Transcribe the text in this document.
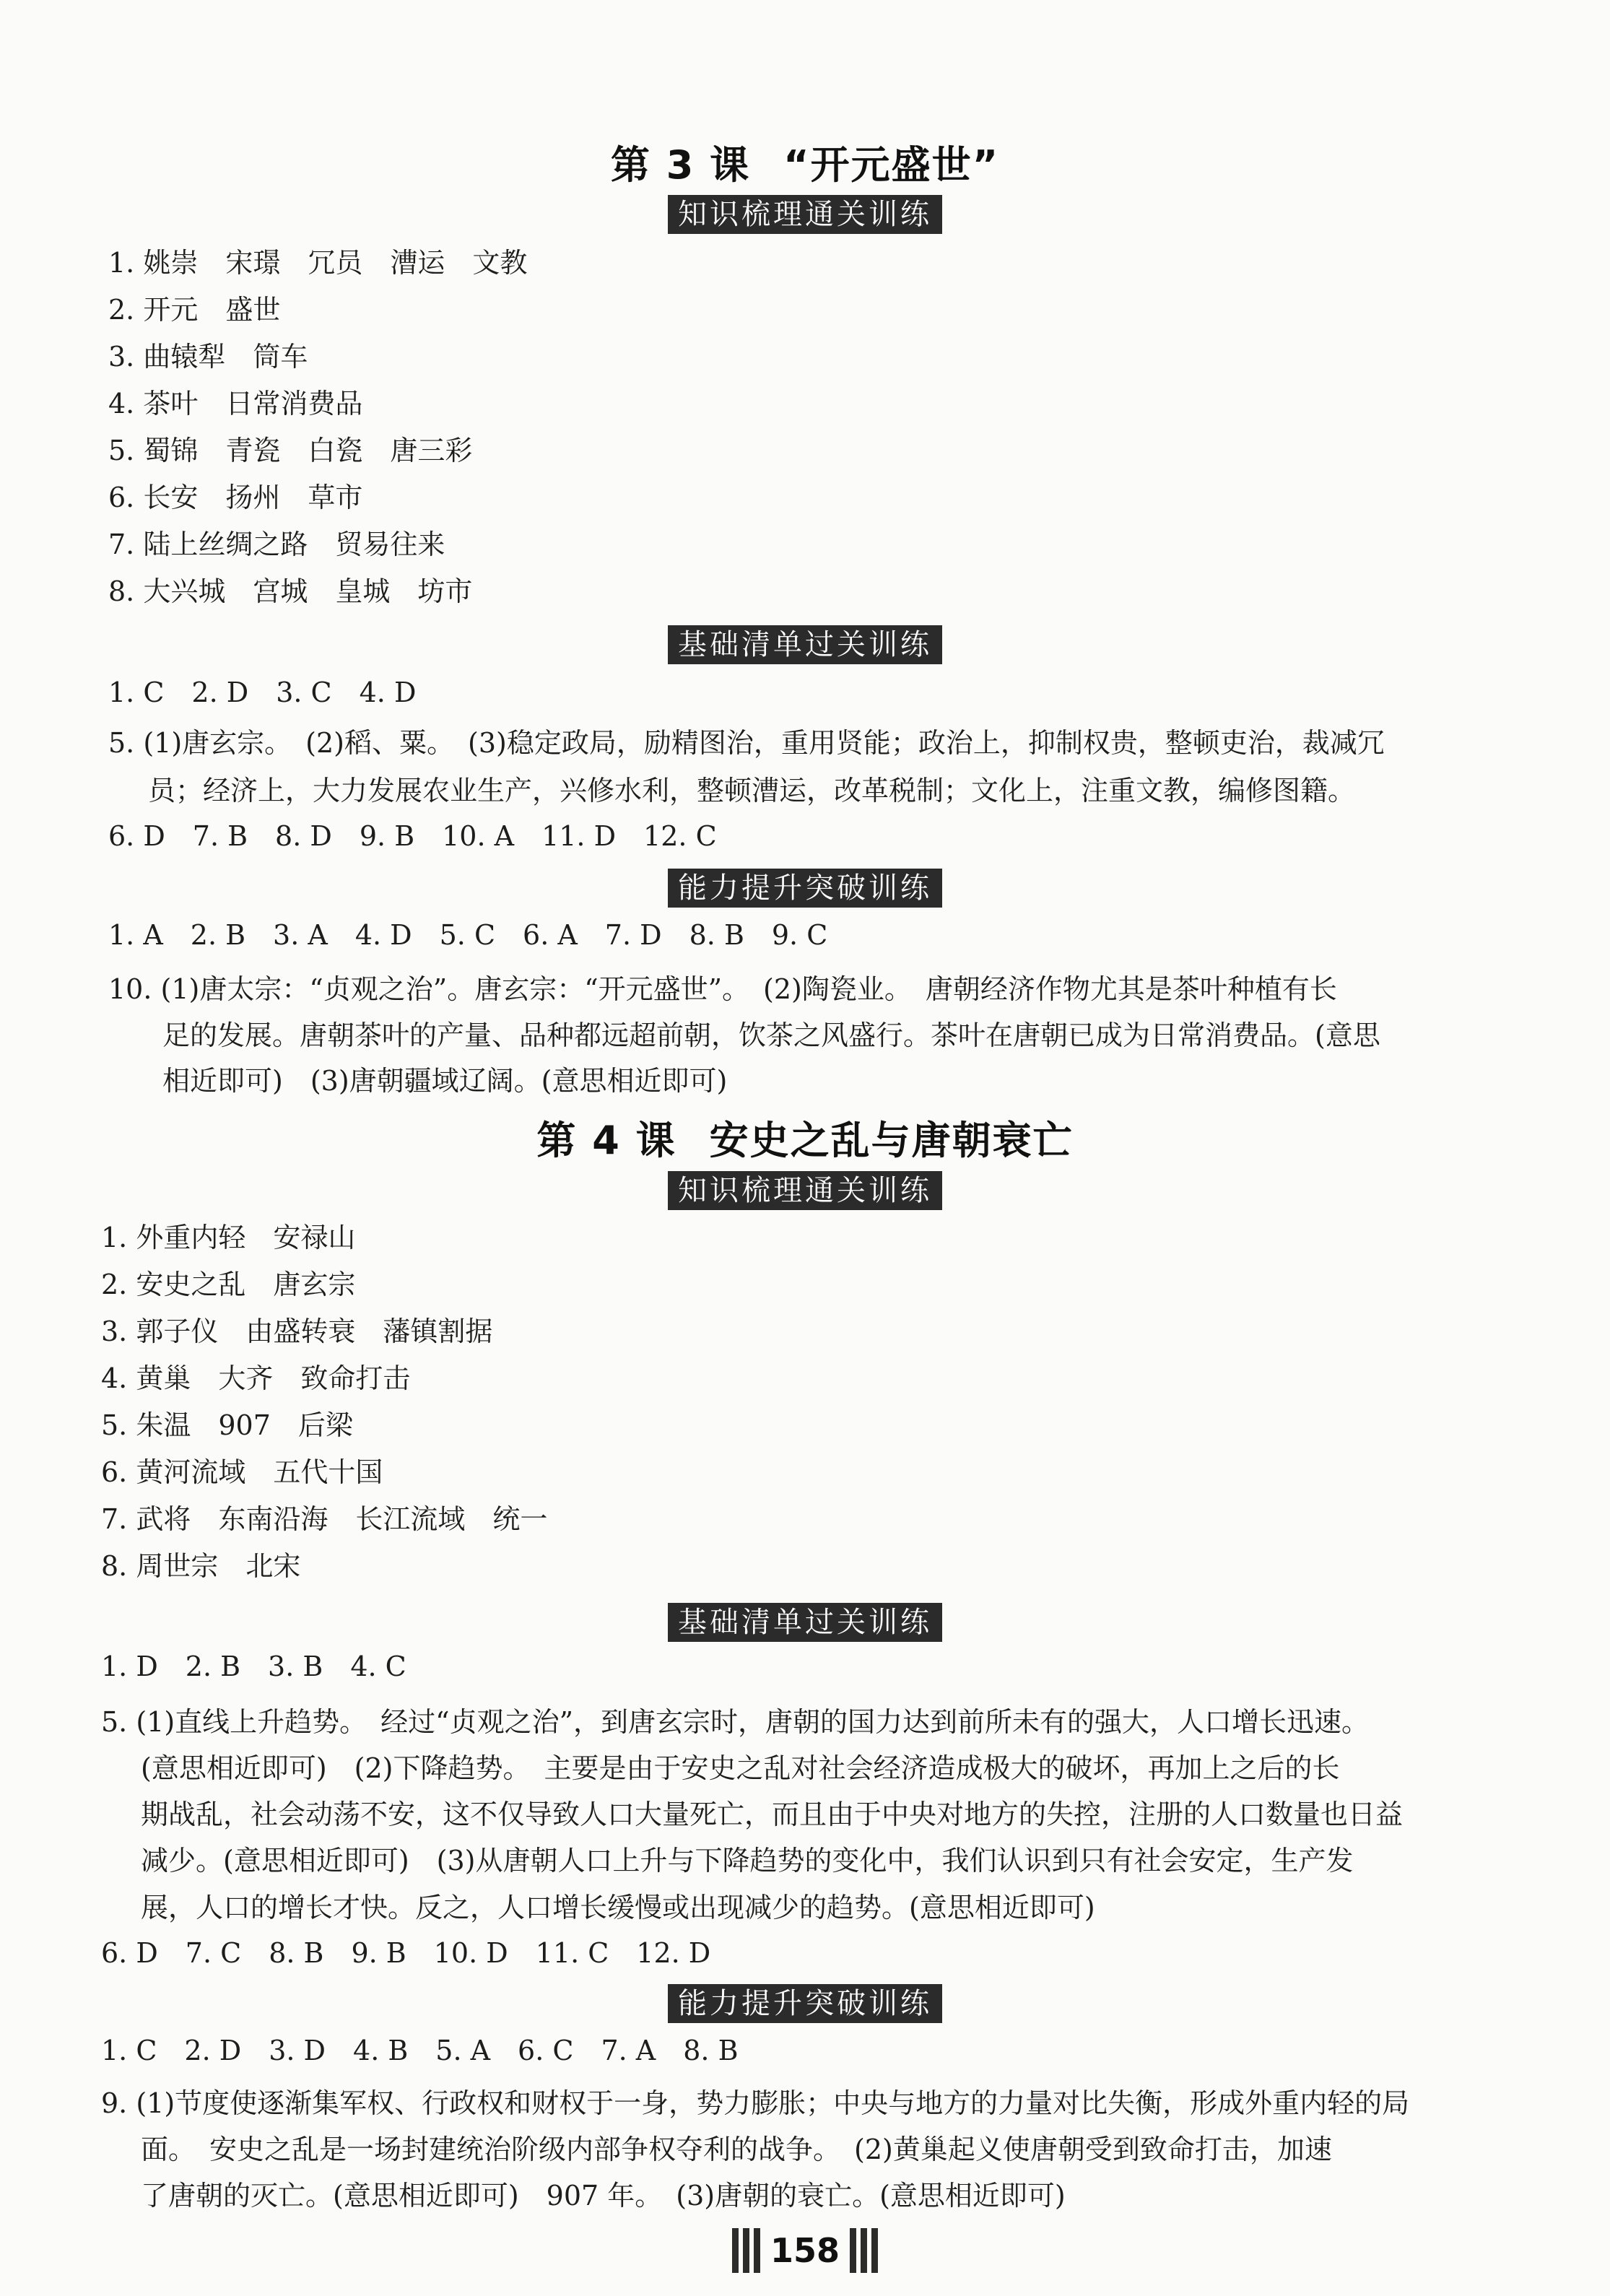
第 3 课 “开元盛世”
知识梳理通关训练
1. 姚崇　宋璟　冗员　漕运　文教
2. 开元　盛世
3. 曲辕犁　筒车
4. 茶叶　日常消费品
5. 蜀锦　青瓷　白瓷　唐三彩
6. 长安　扬州　草市
7. 陆上丝绸之路　贸易往来
8. 大兴城　宫城　皇城　坊市
基础清单过关训练
1. C　2. D　3. C　4. D
5. (1)唐玄宗。　(2)稻、粟。　(3)稳定政局，励精图治，重用贤能；政治上，抑制权贵，整顿吏治，裁减冗
员；经济上，大力发展农业生产，兴修水利，整顿漕运，改革税制；文化上，注重文教，编修图籍。
6. D　7. B　8. D　9. B　10. A　11. D　12. C
能力提升突破训练
1. A　2. B　3. A　4. D　5. C　6. A　7. D　8. B　9. C
10. (1)唐太宗：“贞观之治”。唐玄宗：“开元盛世”。　(2)陶瓷业。　唐朝经济作物尤其是茶叶种植有长
足的发展。唐朝茶叶的产量、品种都远超前朝，饮茶之风盛行。茶叶在唐朝已成为日常消费品。(意思
相近即可)　(3)唐朝疆域辽阔。(意思相近即可)
第 4 课 安史之乱与唐朝衰亡
知识梳理通关训练
1. 外重内轻　安禄山
2. 安史之乱　唐玄宗
3. 郭子仪　由盛转衰　藩镇割据
4. 黄巢　大齐　致命打击
5. 朱温　907　后梁
6. 黄河流域　五代十国
7. 武将　东南沿海　长江流域　统一
8. 周世宗　北宋
基础清单过关训练
1. D　2. B　3. B　4. C
5. (1)直线上升趋势。　经过“贞观之治”，到唐玄宗时，唐朝的国力达到前所未有的强大，人口增长迅速。
(意思相近即可)　(2)下降趋势。　主要是由于安史之乱对社会经济造成极大的破坏，再加上之后的长
期战乱，社会动荡不安，这不仅导致人口大量死亡，而且由于中央对地方的失控，注册的人口数量也日益
减少。(意思相近即可)　(3)从唐朝人口上升与下降趋势的变化中，我们认识到只有社会安定，生产发
展，人口的增长才快。反之，人口增长缓慢或出现减少的趋势。(意思相近即可)
6. D　7. C　8. B　9. B　10. D　11. C　12. D
能力提升突破训练
1. C　2. D　3. D　4. B　5. A　6. C　7. A　8. B
9. (1)节度使逐渐集军权、行政权和财权于一身，势力膨胀；中央与地方的力量对比失衡，形成外重内轻的局
面。　安史之乱是一场封建统治阶级内部争权夺利的战争。　(2)黄巢起义使唐朝受到致命打击，加速
了唐朝的灭亡。(意思相近即可)　907 年。　(3)唐朝的衰亡。(意思相近即可)
158
